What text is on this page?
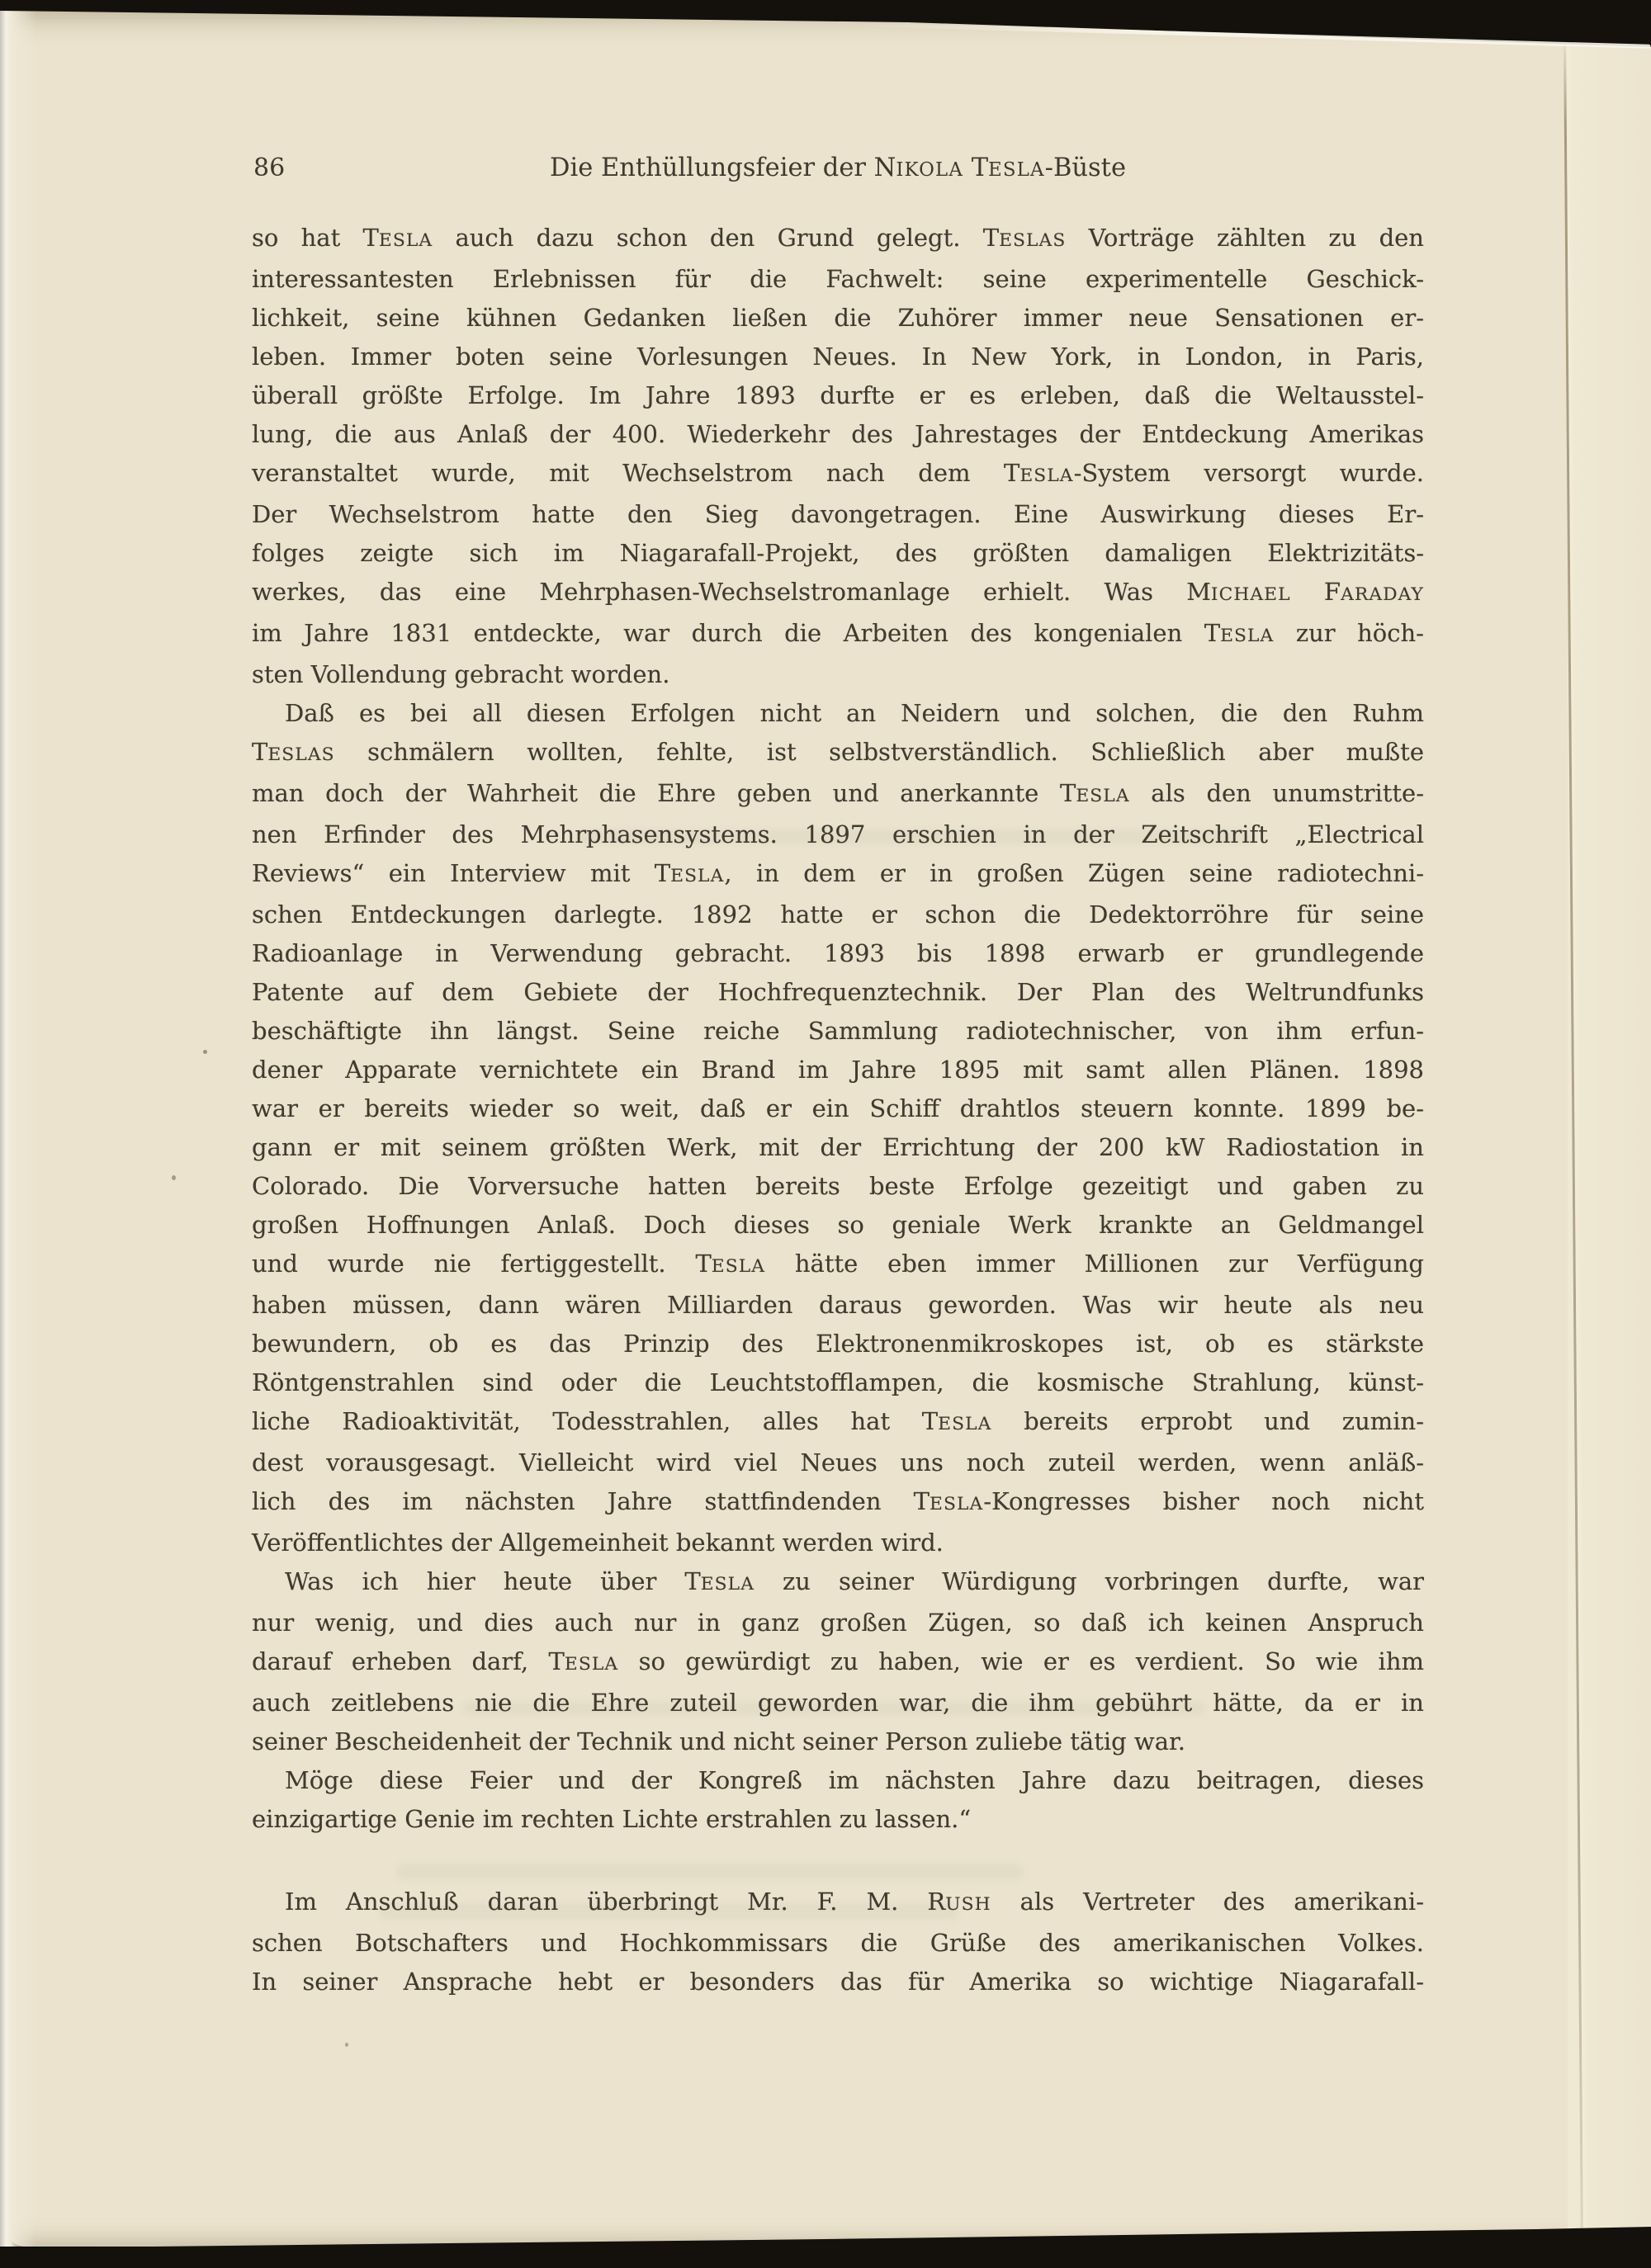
86	Die Enthüllungsfeier der NIKOLA TESLA-Büste
so hat TESLA auch dazu schon den Grund gelegt. TESLAS Vorträge zählten zu den
interessantesten Erlebnissen für die Fachwelt: seine experimentelle Geschick-
lichkeit, seine kühnen Gedanken ließen die Zuhörer immer neue Sensationen er-
leben. Immer boten seine Vorlesungen Neues. In New York, in London, in Paris,
überall größte Erfolge. Im Jahre 1893 durfte er es erleben, daß die Weltausstel-
lung, die aus Anlaß der 400. Wiederkehr des Jahrestages der Entdeckung Amerikas
veranstaltet wurde, mit Wechselstrom nach dem TESLA-System versorgt wurde.
Der Wechselstrom hatte den Sieg davongetragen. Eine Auswirkung dieses Er-
folges zeigte sich im Niagarafall-Projekt, des größten damaligen Elektrizitäts-
werkes, das eine Mehrphasen-Wechselstromanlage erhielt. Was MICHAEL FARADAY
im Jahre 1831 entdeckte, war durch die Arbeiten des kongenialen TESLA zur höch-
sten Vollendung gebracht worden.
Daß es bei all diesen Erfolgen nicht an Neidern und solchen, die den Ruhm
TESLAS schmälern wollten, fehlte, ist selbstverständlich. Schließlich aber mußte
man doch der Wahrheit die Ehre geben und anerkannte TESLA als den unumstritte-
nen Erfinder des Mehrphasensystems. 1897 erschien in der Zeitschrift „Electrical
Reviews“ ein Interview mit TESLA, in dem er in großen Zügen seine radiotechni-
schen Entdeckungen darlegte. 1892 hatte er schon die Dedektorröhre für seine
Radioanlage in Verwendung gebracht. 1893 bis 1898 erwarb er grundlegende
Patente auf dem Gebiete der Hochfrequenztechnik. Der Plan des Weltrundfunks
beschäftigte ihn längst. Seine reiche Sammlung radiotechnischer, von ihm erfun-
dener Apparate vernichtete ein Brand im Jahre 1895 mit samt allen Plänen. 1898
war er bereits wieder so weit, daß er ein Schiff drahtlos steuern konnte. 1899 be-
gann er mit seinem größten Werk, mit der Errichtung der 200 kW Radiostation in
Colorado. Die Vorversuche hatten bereits beste Erfolge gezeitigt und gaben zu
großen Hoffnungen Anlaß. Doch dieses so geniale Werk krankte an Geldmangel
und wurde nie fertiggestellt. TESLA hätte eben immer Millionen zur Verfügung
haben müssen, dann wären Milliarden daraus geworden. Was wir heute als neu
bewundern, ob es das Prinzip des Elektronenmikroskopes ist, ob es stärkste
Röntgenstrahlen sind oder die Leuchtstofflampen, die kosmische Strahlung, künst-
liche Radioaktivität, Todesstrahlen, alles hat TESLA bereits erprobt und zumin-
dest vorausgesagt. Vielleicht wird viel Neues uns noch zuteil werden, wenn anläß-
lich des im nächsten Jahre stattfindenden TESLA-Kongresses bisher noch nicht
Veröffentlichtes der Allgemeinheit bekannt werden wird.
Was ich hier heute über TESLA zu seiner Würdigung vorbringen durfte, war
nur wenig, und dies auch nur in ganz großen Zügen, so daß ich keinen Anspruch
darauf erheben darf, TESLA so gewürdigt zu haben, wie er es verdient. So wie ihm
auch zeitlebens nie die Ehre zuteil geworden war, die ihm gebührt hätte, da er in
seiner Bescheidenheit der Technik und nicht seiner Person zuliebe tätig war.
Möge diese Feier und der Kongreß im nächsten Jahre dazu beitragen, dieses
einzigartige Genie im rechten Lichte erstrahlen zu lassen.“
Im Anschluß daran überbringt Mr. F. M. RUSH als Vertreter des amerikani-
schen Botschafters und Hochkommissars die Grüße des amerikanischen Volkes.
In seiner Ansprache hebt er besonders das für Amerika so wichtige Niagarafall-
